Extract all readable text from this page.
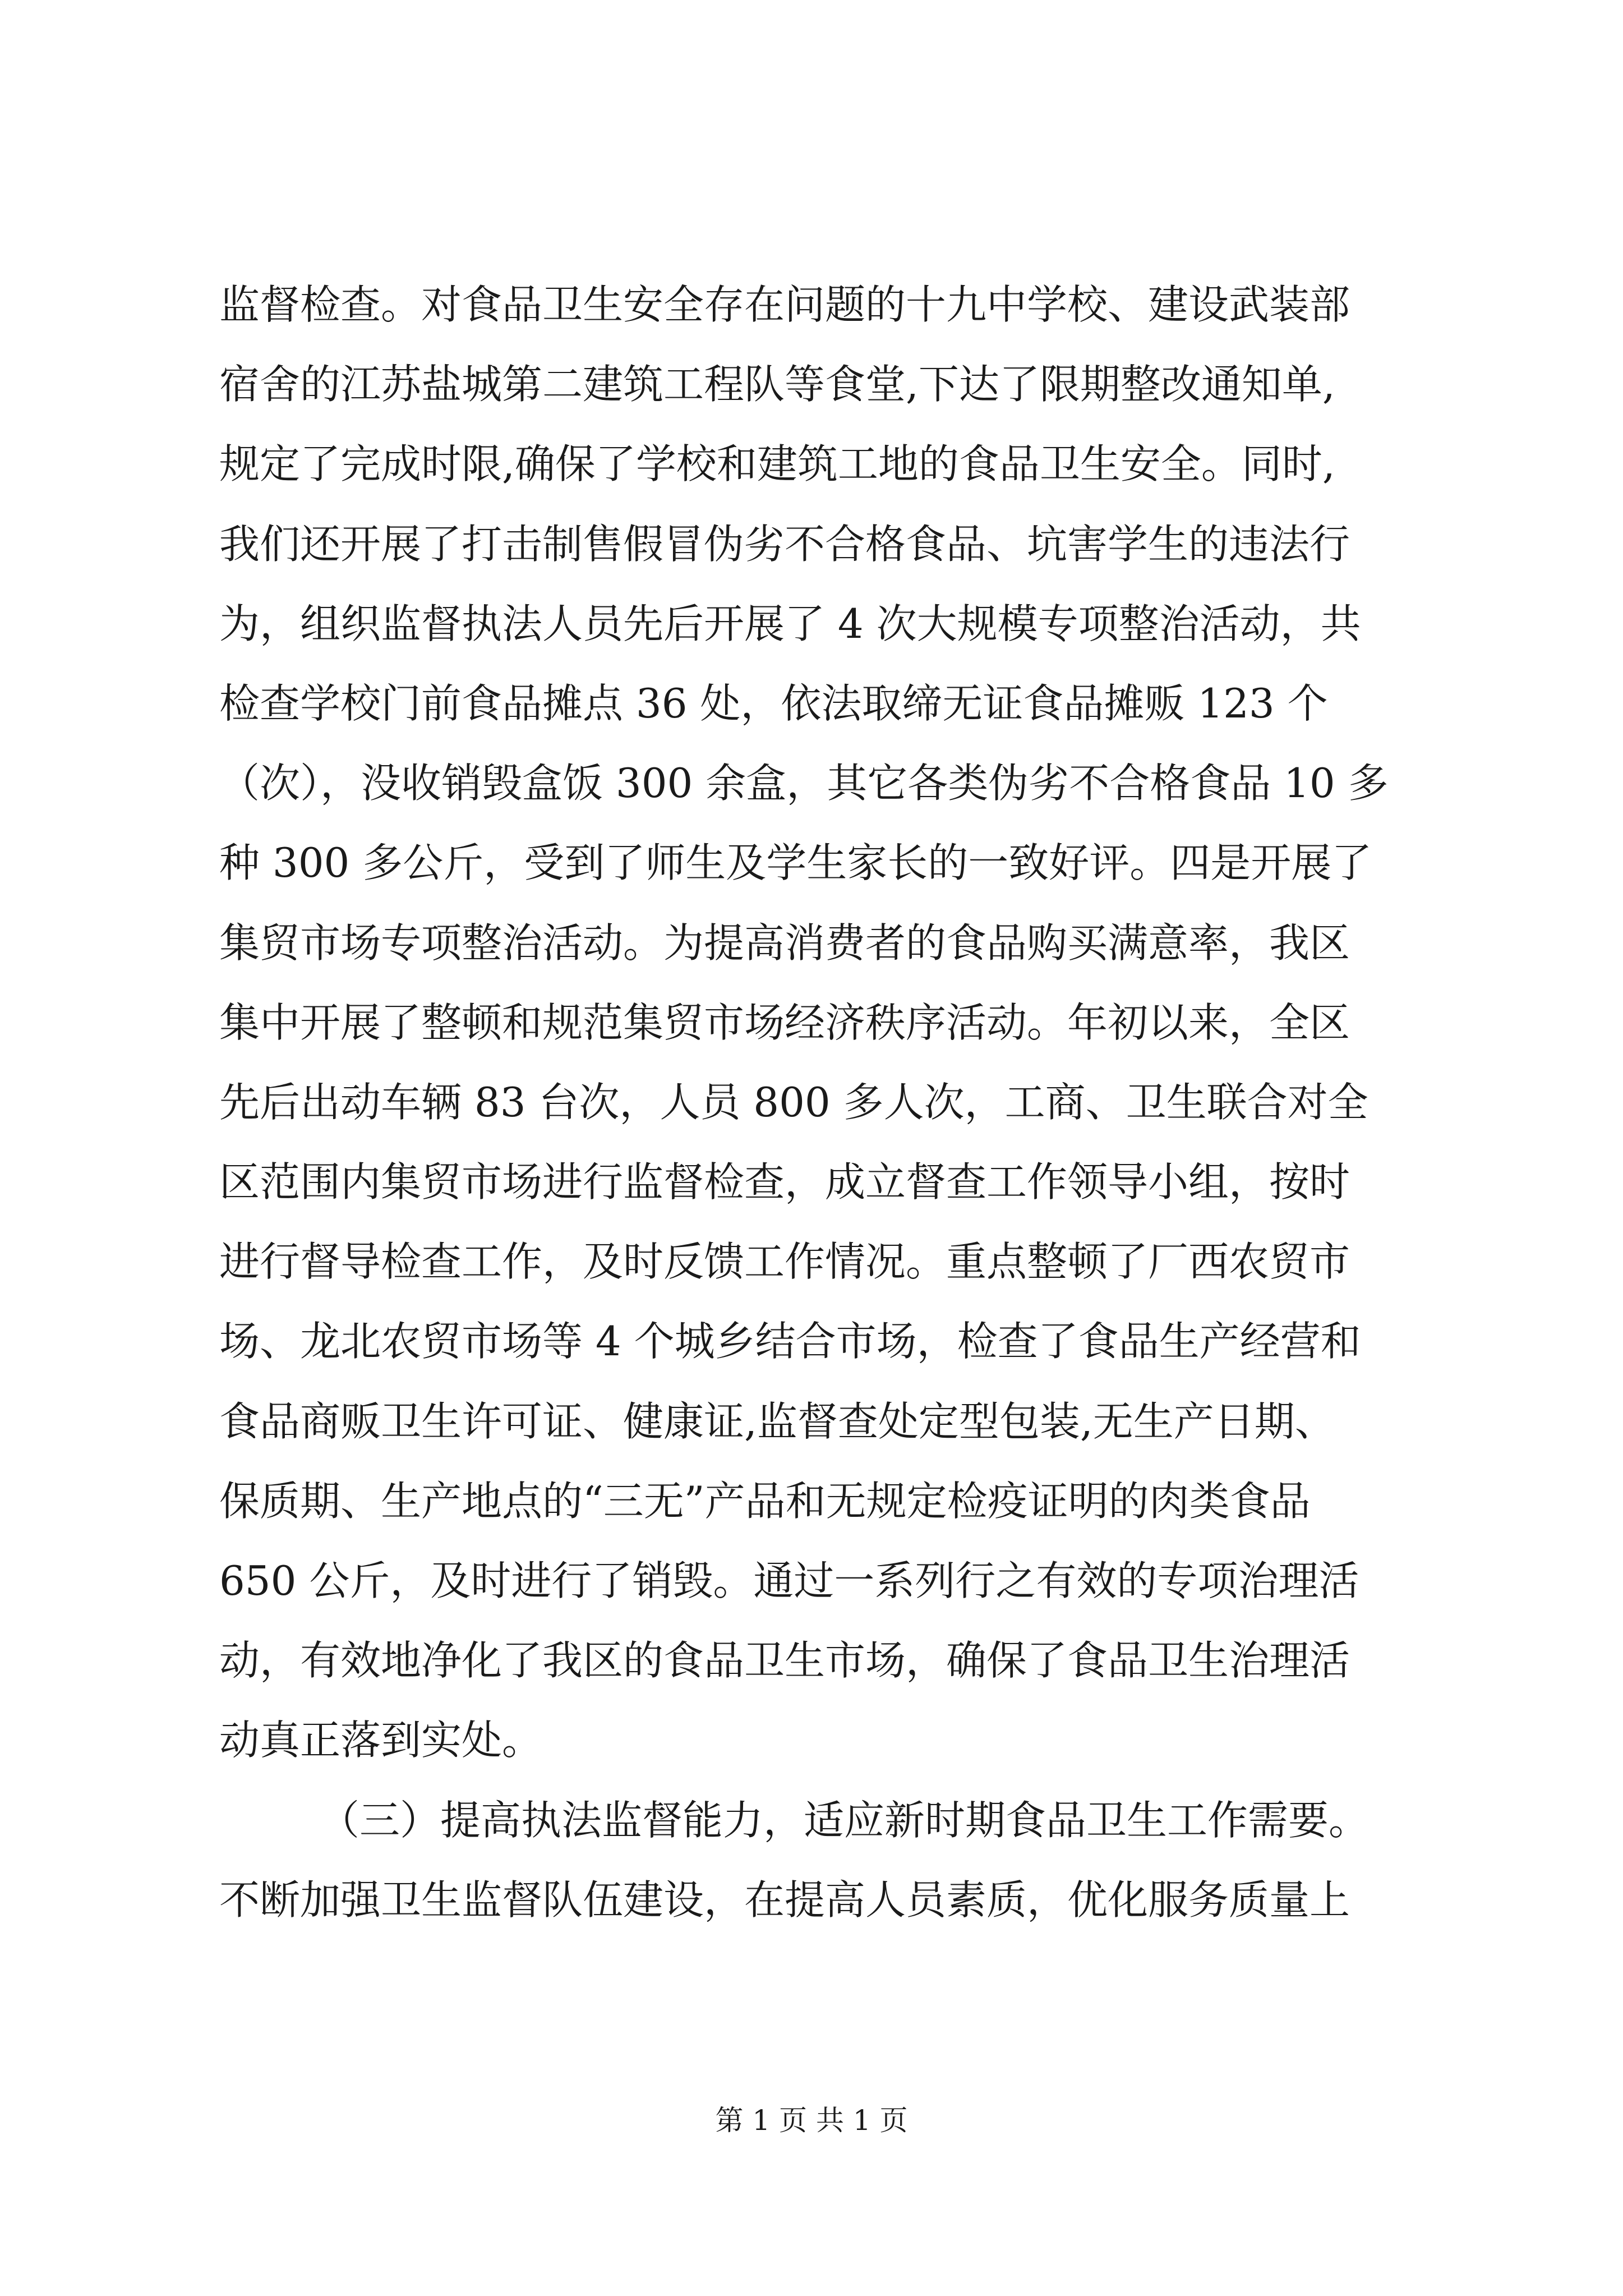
监督检查。对食品卫生安全存在问题的十九中学校、建设武装部
宿舍的江苏盐城第二建筑工程队等食堂,下达了限期整改通知单,
规定了完成时限,确保了学校和建筑工地的食品卫生安全。同时,
我们还开展了打击制售假冒伪劣不合格食品、坑害学生的违法行
为，组织监督执法人员先后开展了 4 次大规模专项整治活动，共
检查学校门前食品摊点 36 处，依法取缔无证食品摊贩 123 个
（次），没收销毁盒饭 300 余盒，其它各类伪劣不合格食品 10 多
种 300 多公斤，受到了师生及学生家长的一致好评。四是开展了
集贸市场专项整治活动。为提高消费者的食品购买满意率，我区
集中开展了整顿和规范集贸市场经济秩序活动。年初以来，全区
先后出动车辆 83 台次，人员 800 多人次，工商、卫生联合对全
区范围内集贸市场进行监督检查，成立督查工作领导小组，按时
进行督导检查工作，及时反馈工作情况。重点整顿了厂西农贸市
场、龙北农贸市场等 4 个城乡结合市场，检查了食品生产经营和
食品商贩卫生许可证、健康证,监督查处定型包装,无生产日期、
保质期、生产地点的“三无”产品和无规定检疫证明的肉类食品
650 公斤，及时进行了销毁。通过一系列行之有效的专项治理活
动，有效地净化了我区的食品卫生市场，确保了食品卫生治理活
动真正落到实处。
（三）提高执法监督能力，适应新时期食品卫生工作需要。
不断加强卫生监督队伍建设，在提高人员素质，优化服务质量上
第 1 页 共 1 页
